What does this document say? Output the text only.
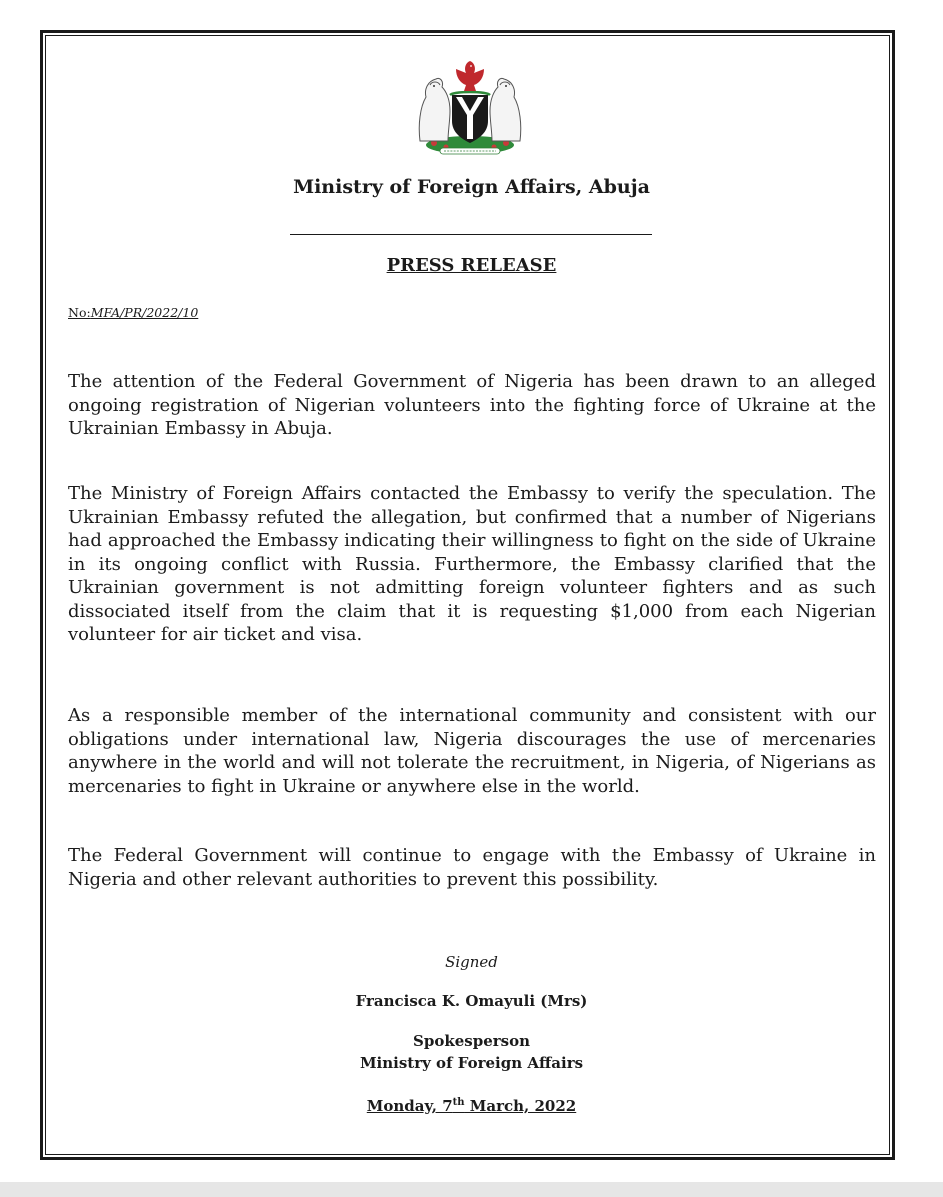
Ministry of Foreign Affairs, Abuja
PRESS RELEASE
No:MFA/PR/2022/10

The attention of the Federal Government of Nigeria has been drawn to an alleged ongoing registration of Nigerian volunteers into the fighting force of Ukraine at the Ukrainian Embassy in Abuja.

The Ministry of Foreign Affairs contacted the Embassy to verify the speculation. The Ukrainian Embassy refuted the allegation, but confirmed that a number of Nigerians had approached the Embassy indicating their willingness to fight on the side of Ukraine in its ongoing conflict with Russia. Furthermore, the Embassy clarified that the Ukrainian government is not admitting foreign volunteer fighters and as such dissociated itself from the claim that it is requesting $1,000 from each Nigerian volunteer for air ticket and visa.

As a responsible member of the international community and consistent with our obligations under international law, Nigeria discourages the use of mercenaries anywhere in the world and will not tolerate the recruitment, in Nigeria, of Nigerians as mercenaries to fight in Ukraine or anywhere else in the world.

The Federal Government will continue to engage with the Embassy of Ukraine in Nigeria and other relevant authorities to prevent this possibility.

Signed
Francisca K. Omayuli (Mrs)
Spokesperson
Ministry of Foreign Affairs
Monday, 7th March, 2022
